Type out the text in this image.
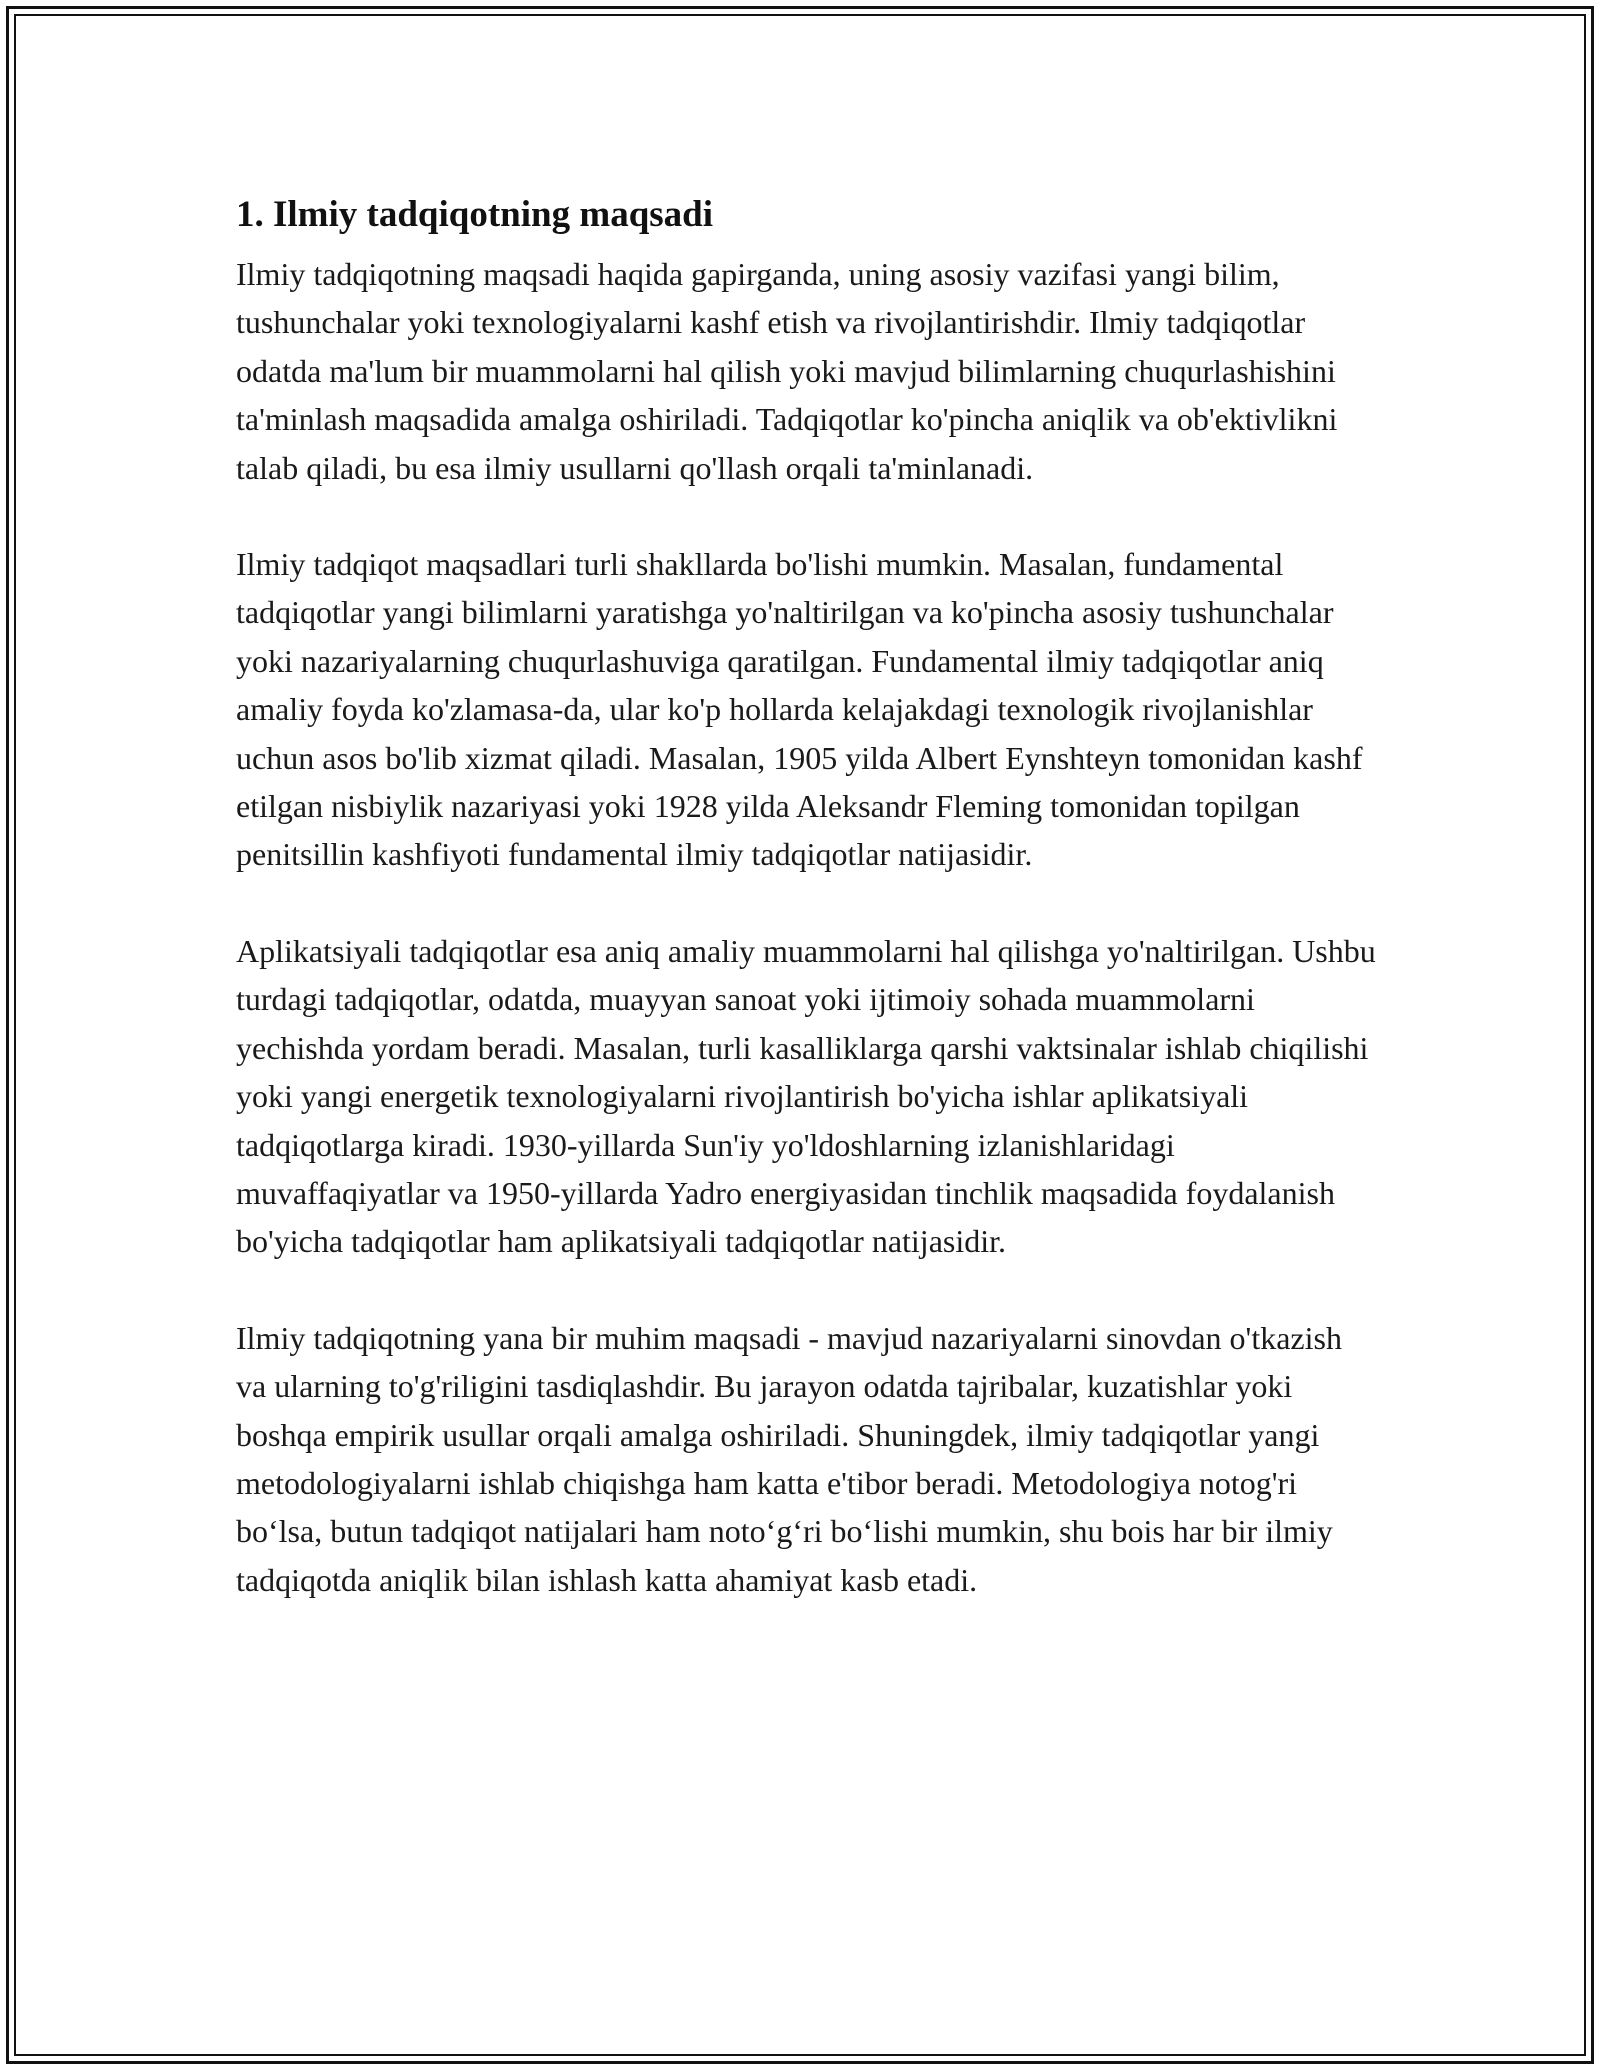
1. Ilmiy tadqiqotning maqsadi

Ilmiy tadqiqotning maqsadi haqida gapirganda, uning asosiy vazifasi yangi bilim, tushunchalar yoki texnologiyalarni kashf etish va rivojlantirishdir. Ilmiy tadqiqotlar odatda ma'lum bir muammolarni hal qilish yoki mavjud bilimlarning chuqurlashishini ta'minlash maqsadida amalga oshiriladi. Tadqiqotlar ko'pincha aniqlik va ob'ektivlikni talab qiladi, bu esa ilmiy usullarni qo'llash orqali ta'minlanadi.

Ilmiy tadqiqot maqsadlari turli shakllarda bo'lishi mumkin. Masalan, fundamental tadqiqotlar yangi bilimlarni yaratishga yo'naltirilgan va ko'pincha asosiy tushunchalar yoki nazariyalarning chuqurlashuviga qaratilgan. Fundamental ilmiy tadqiqotlar aniq amaliy foyda ko'zlamasa-da, ular ko'p hollarda kelajakdagi texnologik rivojlanishlar uchun asos bo'lib xizmat qiladi. Masalan, 1905 yilda Albert Eynshteyn tomonidan kashf etilgan nisbiylik nazariyasi yoki 1928 yilda Aleksandr Fleming tomonidan topilgan penitsillin kashfiyoti fundamental ilmiy tadqiqotlar natijasidir.

Aplikatsiyali tadqiqotlar esa aniq amaliy muammolarni hal qilishga yo'naltirilgan. Ushbu turdagi tadqiqotlar, odatda, muayyan sanoat yoki ijtimoiy sohada muammolarni yechishda yordam beradi. Masalan, turli kasalliklarga qarshi vaktsinalar ishlab chiqilishi yoki yangi energetik texnologiyalarni rivojlantirish bo'yicha ishlar aplikatsiyali tadqiqotlarga kiradi. 1930-yillarda Sun'iy yo'ldoshlarning izlanishlaridagi muvaffaqiyatlar va 1950-yillarda Yadro energiyasidan tinchlik maqsadida foydalanish bo'yicha tadqiqotlar ham aplikatsiyali tadqiqotlar natijasidir.

Ilmiy tadqiqotning yana bir muhim maqsadi - mavjud nazariyalarni sinovdan o'tkazish va ularning to'g'riligini tasdiqlashdir. Bu jarayon odatda tajribalar, kuzatishlar yoki boshqa empirik usullar orqali amalga oshiriladi. Shuningdek, ilmiy tadqiqotlar yangi metodologiyalarni ishlab chiqishga ham katta e'tibor beradi. Metodologiya notog'ri bo‘lsa, butun tadqiqot natijalari ham noto‘g‘ri bo‘lishi mumkin, shu bois har bir ilmiy tadqiqotda aniqlik bilan ishlash katta ahamiyat kasb etadi.
